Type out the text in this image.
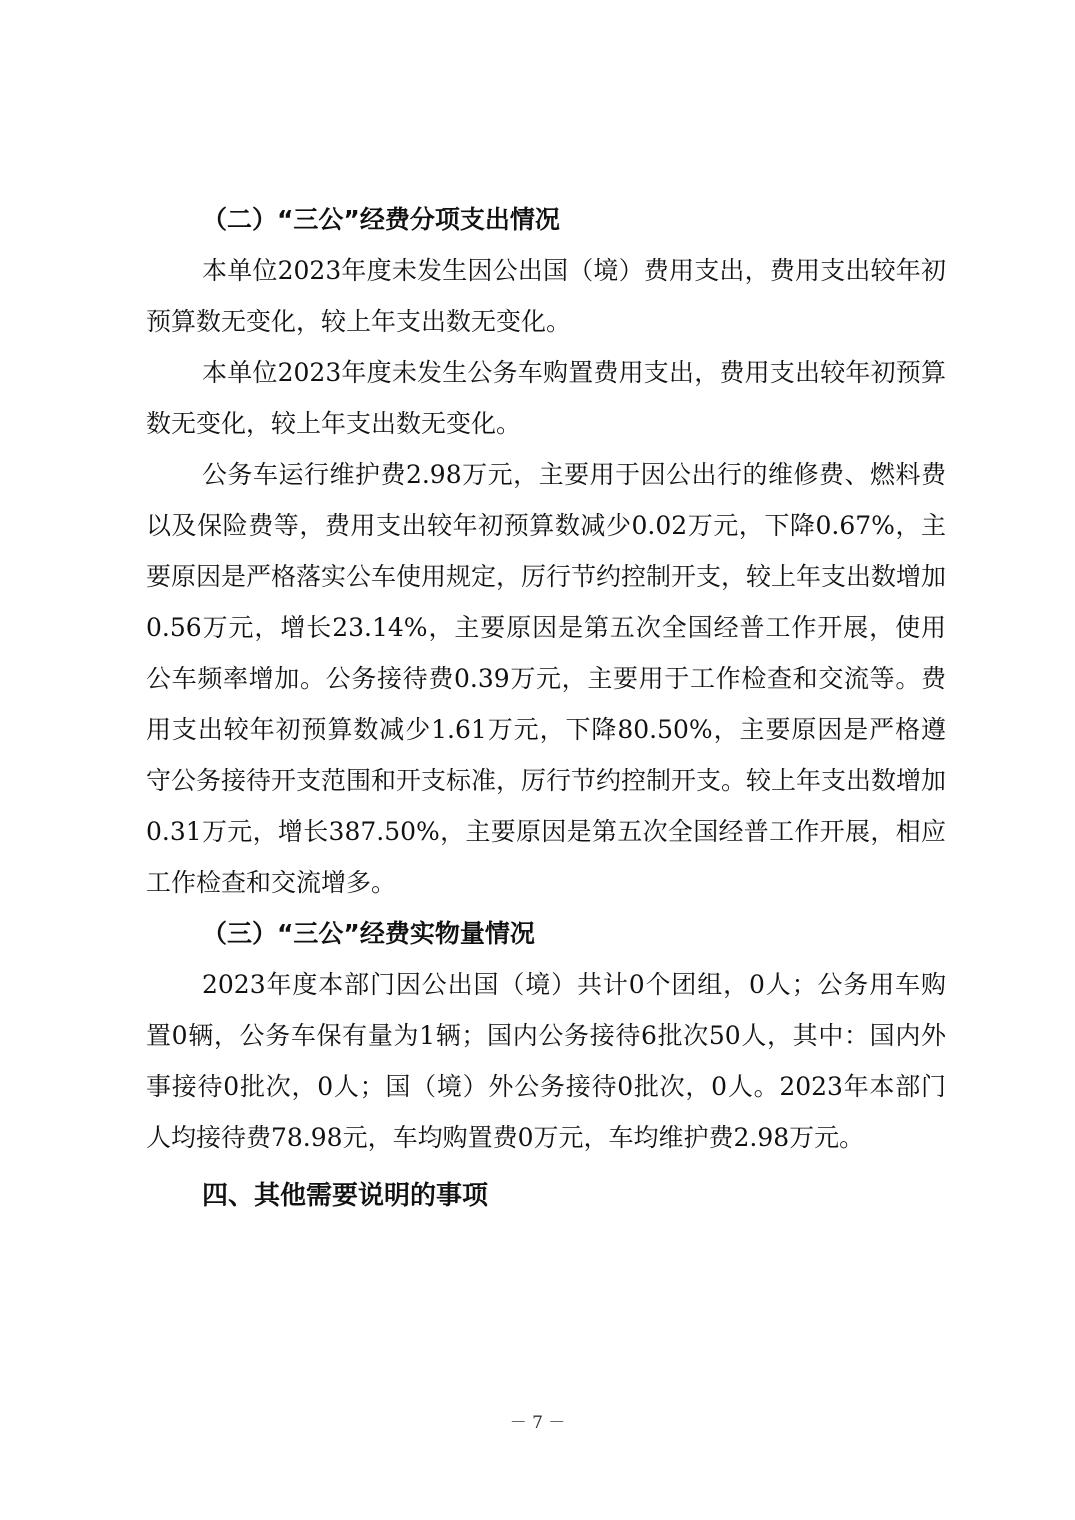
（二）“三公”经费分项支出情况

本单位2023年度未发生因公出国（境）费用支出，费用支出较年初预算数无变化，较上年支出数无变化。

本单位2023年度未发生公务车购置费用支出，费用支出较年初预算数无变化，较上年支出数无变化。

公务车运行维护费2.98万元，主要用于因公出行的维修费、燃料费以及保险费等，费用支出较年初预算数减少0.02万元，下降0.67%，主要原因是严格落实公车使用规定，厉行节约控制开支，较上年支出数增加0.56万元，增长23.14%，主要原因是第五次全国经普工作开展，使用公车频率增加。公务接待费0.39万元，主要用于工作检查和交流等。费用支出较年初预算数减少1.61万元，下降80.50%，主要原因是严格遵守公务接待开支范围和开支标准，厉行节约控制开支。较上年支出数增加0.31万元，增长387.50%，主要原因是第五次全国经普工作开展，相应工作检查和交流增多。

（三）“三公”经费实物量情况

2023年度本部门因公出国（境）共计0个团组，0人；公务用车购置0辆，公务车保有量为1辆；国内公务接待6批次50人，其中：国内外事接待0批次，0人；国（境）外公务接待0批次，0人。2023年本部门人均接待费78.98元，车均购置费0万元，车均维护费2.98万元。

四、其他需要说明的事项
－ 7 －
